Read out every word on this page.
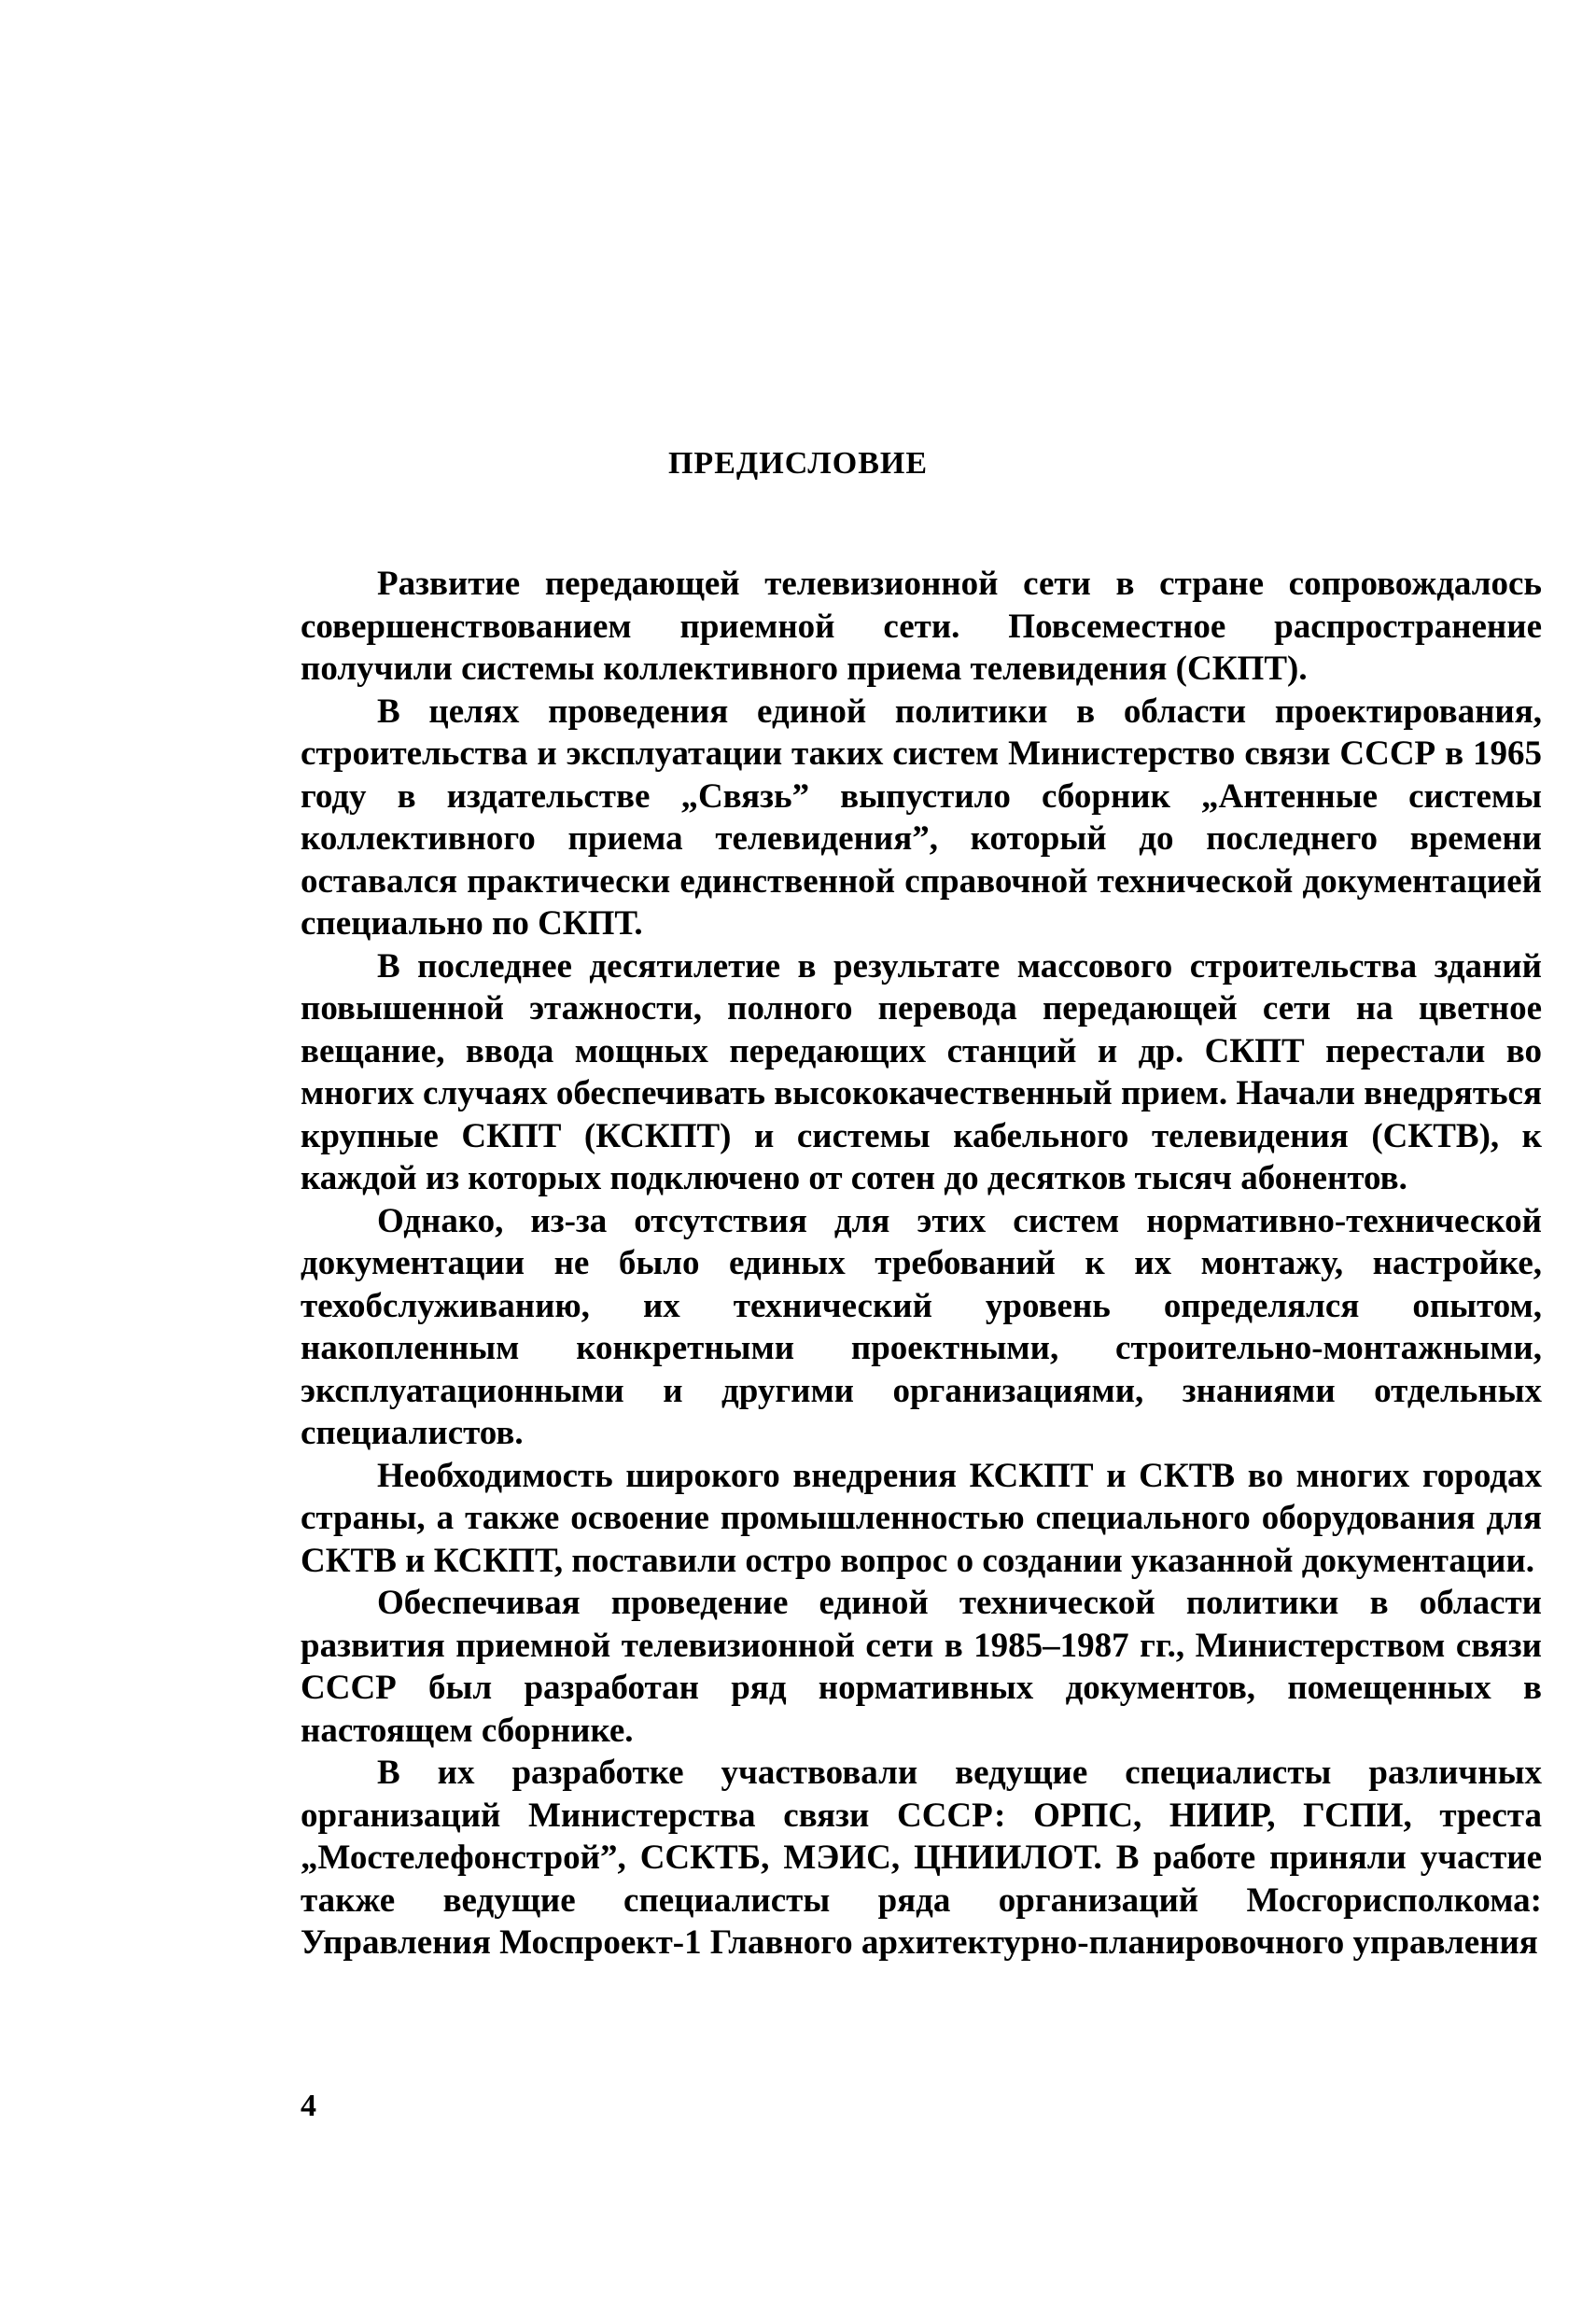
ПРЕДИСЛОВИЕ

Развитие передающей телевизионной сети в стране сопровождалось совершенствованием приемной сети. Повсеместное распространение получили системы коллективного приема телевидения (СКПТ).

В целях проведения единой политики в области проектирования, строительства и эксплуатации таких систем Министерство связи СССР в 1965 году в издательстве „Связь” выпустило сборник „Антенные системы коллективного приема телевидения”, который до последнего времени оставался практически единственной справочной технической документацией специально по СКПТ.

В последнее десятилетие в результате массового строительства зданий повышенной этажности, полного перевода передающей сети на цветное вещание, ввода мощных передающих станций и др. СКПТ перестали во многих случаях обеспечивать высококачественный прием. Начали внедряться крупные СКПТ (КСКПТ) и системы кабельного телевидения (СКТВ), к каждой из которых подключено от сотен до десятков тысяч абонентов.

Однако, из-за отсутствия для этих систем нормативно-технической документации не было единых требований к их монтажу, настройке, техобслуживанию, их технический уровень определялся опытом, накопленным конкретными проектными, строительно-монтажными, эксплуатационными и другими организациями, знаниями отдельных специалистов.

Необходимость широкого внедрения КСКПТ и СКТВ во многих городах страны, а также освоение промышленностью специального оборудования для СКТВ и КСКПТ, поставили остро вопрос о создании указанной документации.

Обеспечивая проведение единой технической политики в области развития приемной телевизионной сети в 1985–1987 гг., Министерством связи СССР был разработан ряд нормативных документов, помещенных в настоящем сборнике.

В их разработке участвовали ведущие специалисты различных организаций Министерства связи СССР: ОРПС, НИИР, ГСПИ, треста „Мостелефонстрой”, ССКТБ, МЭИС, ЦНИИЛОТ. В работе приняли участие также ведущие специалисты ряда организаций Мосгорисполкома: Управления Моспроект-1 Главного архитектурно-планировочного управления

4
